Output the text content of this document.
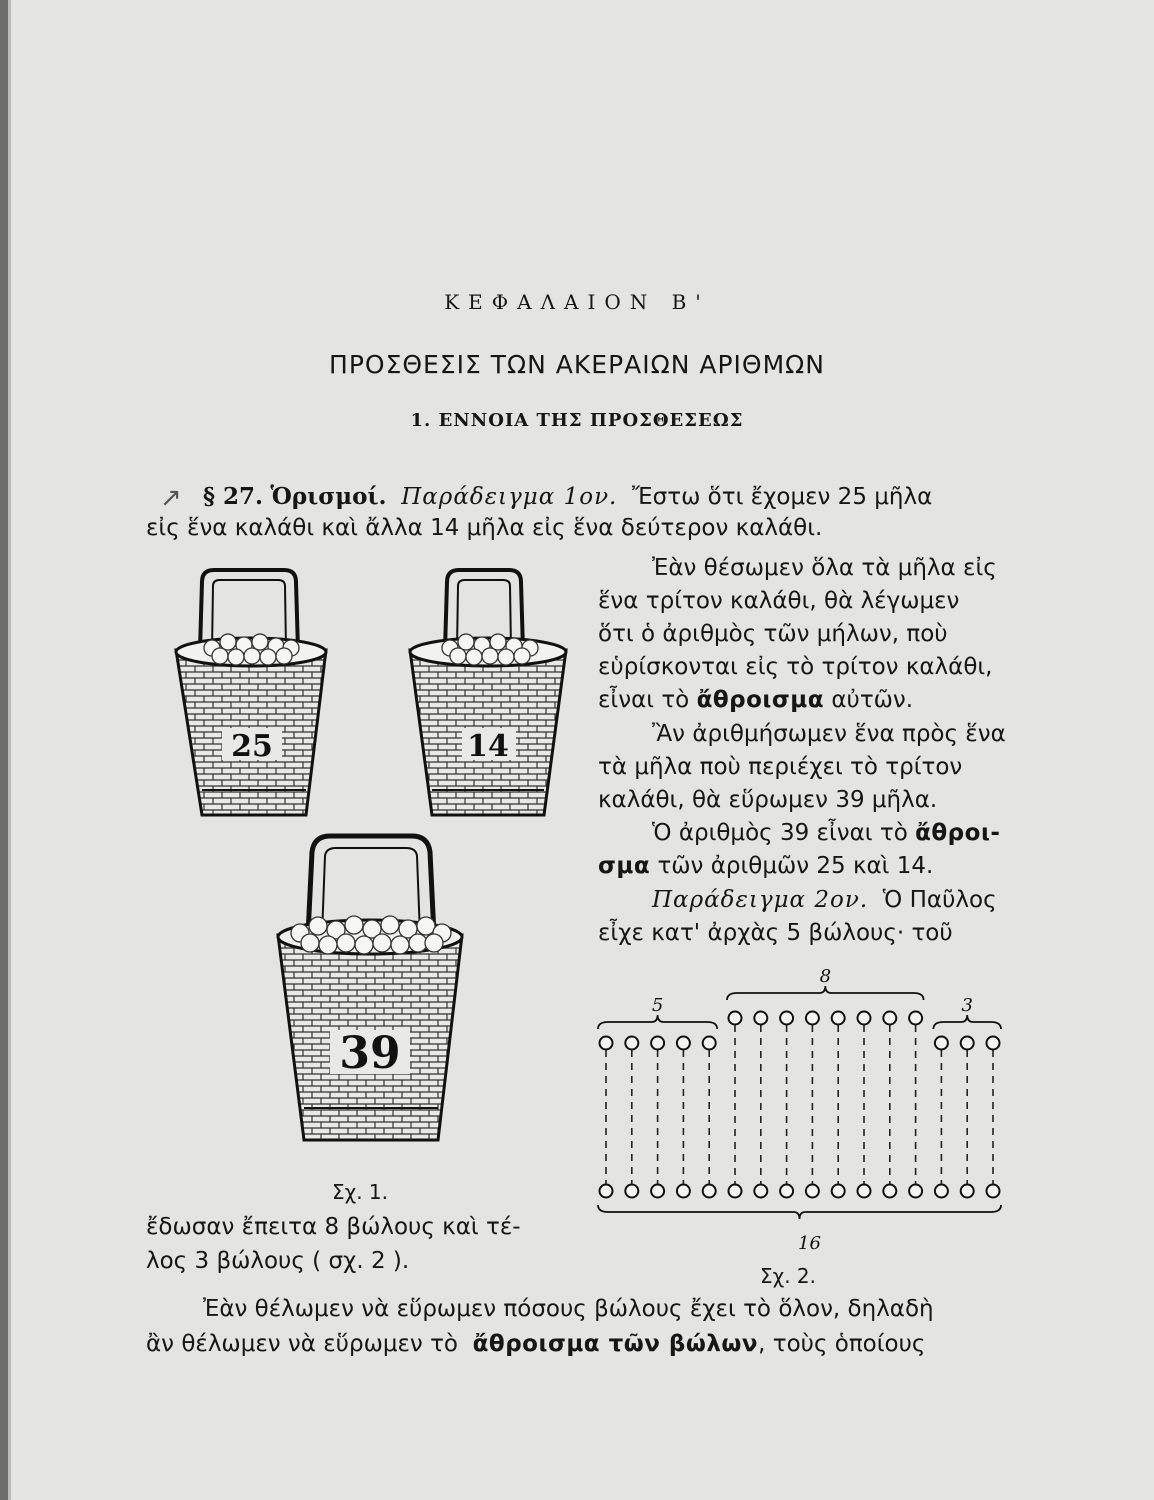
ΚΕΦΑΛΑΙΟΝ Β'
ΠΡΟΣΘΕΣΙΣ ΤΩΝ ΑΚΕΡΑΙΩΝ ΑΡΙΘΜΩΝ
1. ΕΝΝΟΙΑ ΤΗΣ ΠΡΟΣΘΕΣΕΩΣ
↗ § 27. Ὁρισμοί. Παράδειγμα 1ον. Ἔστω ὅτι ἔχομεν 25 μῆλα
εἰς ἕνα καλάθι καὶ ἄλλα 14 μῆλα εἰς ἕνα δεύτερον καλάθι.
Ἐὰν θέσωμεν ὅλα τὰ μῆλα εἰς
ἕνα τρίτον καλάθι, θὰ λέγωμεν
ὅτι ὁ ἀριθμὸς τῶν μήλων, ποὺ
εὑρίσκονται εἰς τὸ τρίτον καλάθι,
εἶναι τὸ ἄθροισμα αὐτῶν.
Ἂν ἀριθμήσωμεν ἕνα πρὸς ἕνα
τὰ μῆλα ποὺ περιέχει τὸ τρίτον
καλάθι, θὰ εὕρωμεν 39 μῆλα.
Ὁ ἀριθμὸς 39 εἶναι τὸ ἄθροι-
σμα τῶν ἀριθμῶν 25 καὶ 14.
Παράδειγμα 2ον. Ὁ Παῦλος
εἶχε κατ' ἀρχὰς 5 βώλους· τοῦ
Σχ. 1.
ἔδωσαν ἔπειτα 8 βώλους καὶ τέ-
λος 3 βώλους ( σχ. 2 ).
Σχ. 2.
Ἐὰν θέλωμεν νὰ εὕρωμεν πόσους βώλους ἔχει τὸ ὅλον, δηλαδὴ
ἂν θέλωμεν νὰ εὕρωμεν τὸ ἄθροισμα τῶν βώλων, τοὺς ὁποίους
25	14
39
5
8
3
16
